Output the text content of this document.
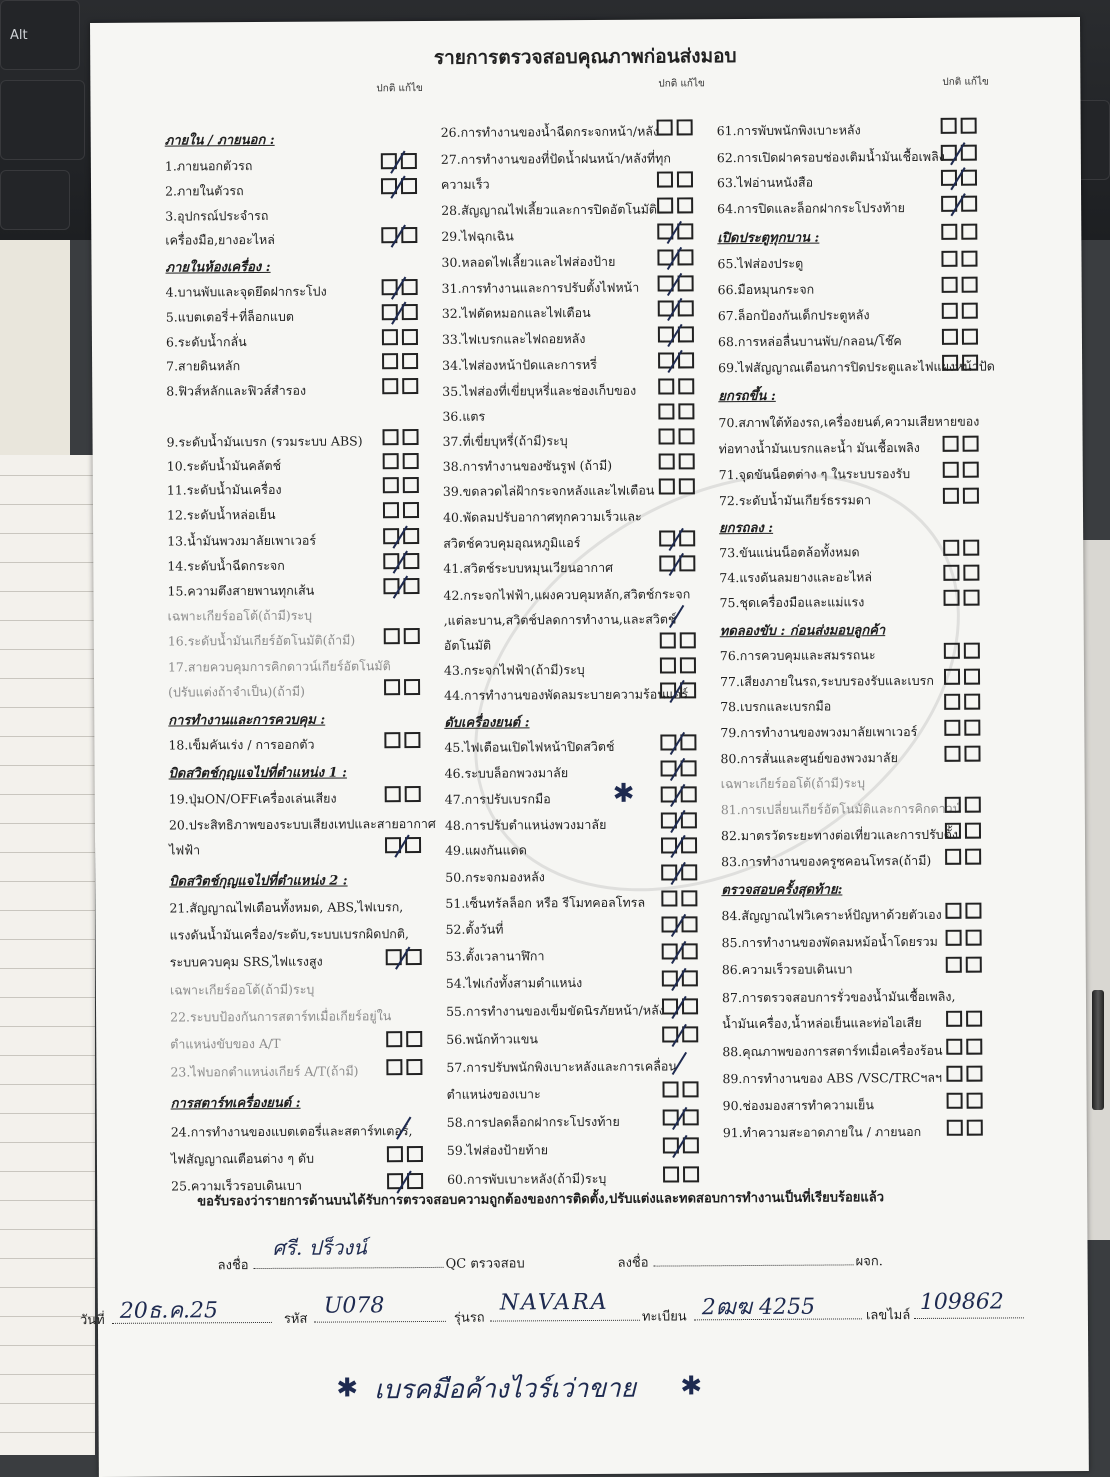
Alt
รายการตรวจสอบคุณภาพก่อนส่งมอบ
ปกติ แก้ไข	ปกติ แก้ไข	ปกติ แก้ไข
ภายใน / ภายนอก :
1.ภายนอกตัวรถ
2.ภายในตัวรถ
3.อุปกรณ์ประจำรถ
เครื่องมือ,ยางอะไหล่
ภายในห้องเครื่อง :
4.บานพับและจุดยึดฝากระโปง
5.แบตเตอรี่+ที่ล็อกแบต
6.ระดับน้ำกลั่น
7.สายดินหลัก
8.ฟิวส์หลักและฟิวส์สำรอง
9.ระดับน้ำมันเบรก (รวมระบบ ABS)
10.ระดับน้ำมันคลัตช์
11.ระดับน้ำมันเครื่อง
12.ระดับน้ำหล่อเย็น
13.น้ำมันพวงมาลัยเพาเวอร์
14.ระดับน้ำฉีดกระจก
15.ความตึงสายพานทุกเส้น
เฉพาะเกียร์ออโต้(ถ้ามี)ระบุ
16.ระดับน้ำมันเกียร์อัตโนมัติ(ถ้ามี)
17.สายควบคุมการคิกดาวน์เกียร์อัตโนมัติ
(ปรับแต่งถ้าจำเป็น)(ถ้ามี)
การทำงานและการควบคุม :
18.เข็มคันเร่ง / การออกตัว
บิดสวิตช์กุญแจไปที่ตำแหน่ง 1 :
19.ปุ่มON/OFFเครื่องเล่นเสียง
20.ประสิทธิภาพของระบบเสียงเทปและสายอากาศ
ไฟฟ้า
บิดสวิตช์กุญแจไปที่ตำแหน่ง 2 :
21.สัญญาณไฟเตือนทั้งหมด, ABS,ไฟเบรก,
แรงดันน้ำมันเครื่อง/ระดับ,ระบบเบรกผิดปกติ,
ระบบควบคุม SRS,ไฟแรงสูง
เฉพาะเกียร์ออโต้(ถ้ามี)ระบุ
22.ระบบป้องกันการสตาร์ทเมื่อเกียร์อยู่ใน
ตำแหน่งขับของ A/T
23.ไฟบอกตำแหน่งเกียร์ A/T(ถ้ามี)
การสตาร์ทเครื่องยนต์ :
24.การทำงานของแบตเตอรี่และสตาร์ทเตอร์,
ไฟสัญญาณเตือนต่าง ๆ ดับ
25.ความเร็วรอบเดินเบา
26.การทำงานของน้ำฉีดกระจกหน้า/หลัง
27.การทำงานของที่ปัดน้ำฝนหน้า/หลังที่ทุก
ความเร็ว
28.สัญญาณไฟเลี้ยวและการปิดอัตโนมัติ
29.ไฟฉุกเฉิน
30.หลอดไฟเลี้ยวและไฟส่องป้าย
31.การทำงานและการปรับตั้งไฟหน้า
32.ไฟตัดหมอกและไฟเตือน
33.ไฟเบรกและไฟถอยหลัง
34.ไฟส่องหน้าปัดและการหรี่
35.ไฟส่องที่เขี่ยบุหรี่และช่องเก็บของ
36.แตร
37.ที่เขี่ยบุหรี่(ถ้ามี)ระบุ
38.การทำงานของซันรูฟ (ถ้ามี)
39.ขดลวดไล่ฝ้ากระจกหลังและไฟเตือน
40.พัดลมปรับอากาศทุกความเร็วและ
สวิตช์ควบคุมอุณหภูมิแอร์
41.สวิตช์ระบบหมุนเวียนอากาศ
42.กระจกไฟฟ้า,แผงควบคุมหลัก,สวิตช์กระจก
,แต่ละบาน,สวิตช์ปลดการทำงาน,และสวิตช์
อัตโนมัติ
43.กระจกไฟฟ้า(ถ้ามี)ระบุ
44.การทำงานของพัดลมระบายความร้อนแอร์
ดับเครื่องยนต์ :
45.ไฟเตือนเปิดไฟหน้าปิดสวิตช์
46.ระบบล็อกพวงมาลัย
47.การปรับเบรกมือ ✱
48.การปรับตำแหน่งพวงมาลัย
49.แผงกันแดด
50.กระจกมองหลัง
51.เซ็นทรัลล็อก หรือ รีโมทคอลโทรล
52.ตั้งวันที่
53.ตั้งเวลานาฬิกา
54.ไฟเก๋งทั้งสามตำแหน่ง
55.การทำงานของเข็มขัดนิรภัยหน้า/หลัง
56.พนักท้าวแขน
57.การปรับพนักพิงเบาะหลังและการเคลื่อน
ตำแหน่งของเบาะ
58.การปลดล็อกฝากระโปรงท้าย
59.ไฟส่องป้ายท้าย
60.การพับเบาะหลัง(ถ้ามี)ระบุ
61.การพับพนักพิงเบาะหลัง
62.การเปิดฝาครอบช่องเติมน้ำมันเชื้อเพลิง
63.ไฟอ่านหนังสือ
64.การปิดและล็อกฝากระโปรงท้าย
เปิดประตูทุกบาน :
65.ไฟส่องประตู
66.มือหมุนกระจก
67.ล็อกป้องกันเด็กประตูหลัง
68.การหล่อลื่นบานพับ/กลอน/โช๊ค
69.ไฟสัญญาณเตือนการปิดประตูและไฟแผงหน้าปัด
ยกรถขึ้น :
70.สภาพใต้ท้องรถ,เครื่องยนต์,ความเสียหายของ
ท่อทางน้ำมันเบรกและน้ำ มันเชื้อเพลิง
71.จุดขันน็อตต่าง ๆ ในระบบรองรับ
72.ระดับน้ำมันเกียร์ธรรมดา
ยกรถลง :
73.ขันแน่นน็อตล้อทั้งหมด
74.แรงดันลมยางและอะไหล่
75.ชุดเครื่องมือและแม่แรง
ทดลองขับ : ก่อนส่งมอบลูกค้า
76.การควบคุมและสมรรถนะ
77.เสียงภายในรถ,ระบบรองรับและเบรก
78.เบรกและเบรกมือ
79.การทำงานของพวงมาลัยเพาเวอร์
80.การสั่นและศูนย์ของพวงมาลัย
เฉพาะเกียร์ออโต้(ถ้ามี)ระบุ
81.การเปลี่ยนเกียร์อัตโนมัติและการคิกดาวน์
82.มาตรวัดระยะทางต่อเที่ยวและการปรับตั้ง
83.การทำงานของครูซคอนโทรล(ถ้ามี)
ตรวจสอบครั้งสุดท้าย:
84.สัญญาณไฟวิเคราะห์ปัญหาด้วยตัวเอง
85.การทำงานของพัดลมหม้อน้ำโดยรวม
86.ความเร็วรอบเดินเบา
87.การตรวจสอบการรั่วของน้ำมันเชื้อเพลิง,
น้ำมันเครื่อง,น้ำหล่อเย็นและท่อไอเสีย
88.คุณภาพของการสตาร์ทเมื่อเครื่องร้อน
89.การทำงานของ ABS /VSC/TRCฯลฯ
90.ช่องมองสารทำความเย็น
91.ทำความสะอาดภายใน / ภายนอก
ขอรับรองว่ารายการด้านบนได้รับการตรวจสอบความถูกต้องของการติดตั้ง,ปรับแต่งและทดสอบการทำงานเป็นที่เรียบร้อยแล้ว
ลงชื่อ
ศรี. ปร็วงน์
QC ตรวจสอบ	ลงชื่อ	ผจก.
วันที่ 20ธ.ค.25	รหัส
U078	รุ่นรถ
NAVARA
ทะเบียน 2ฒฆ 4255	เลขไมล์
109862
✱ เบรคมือค้างไวร์เว่าขาย ✱
